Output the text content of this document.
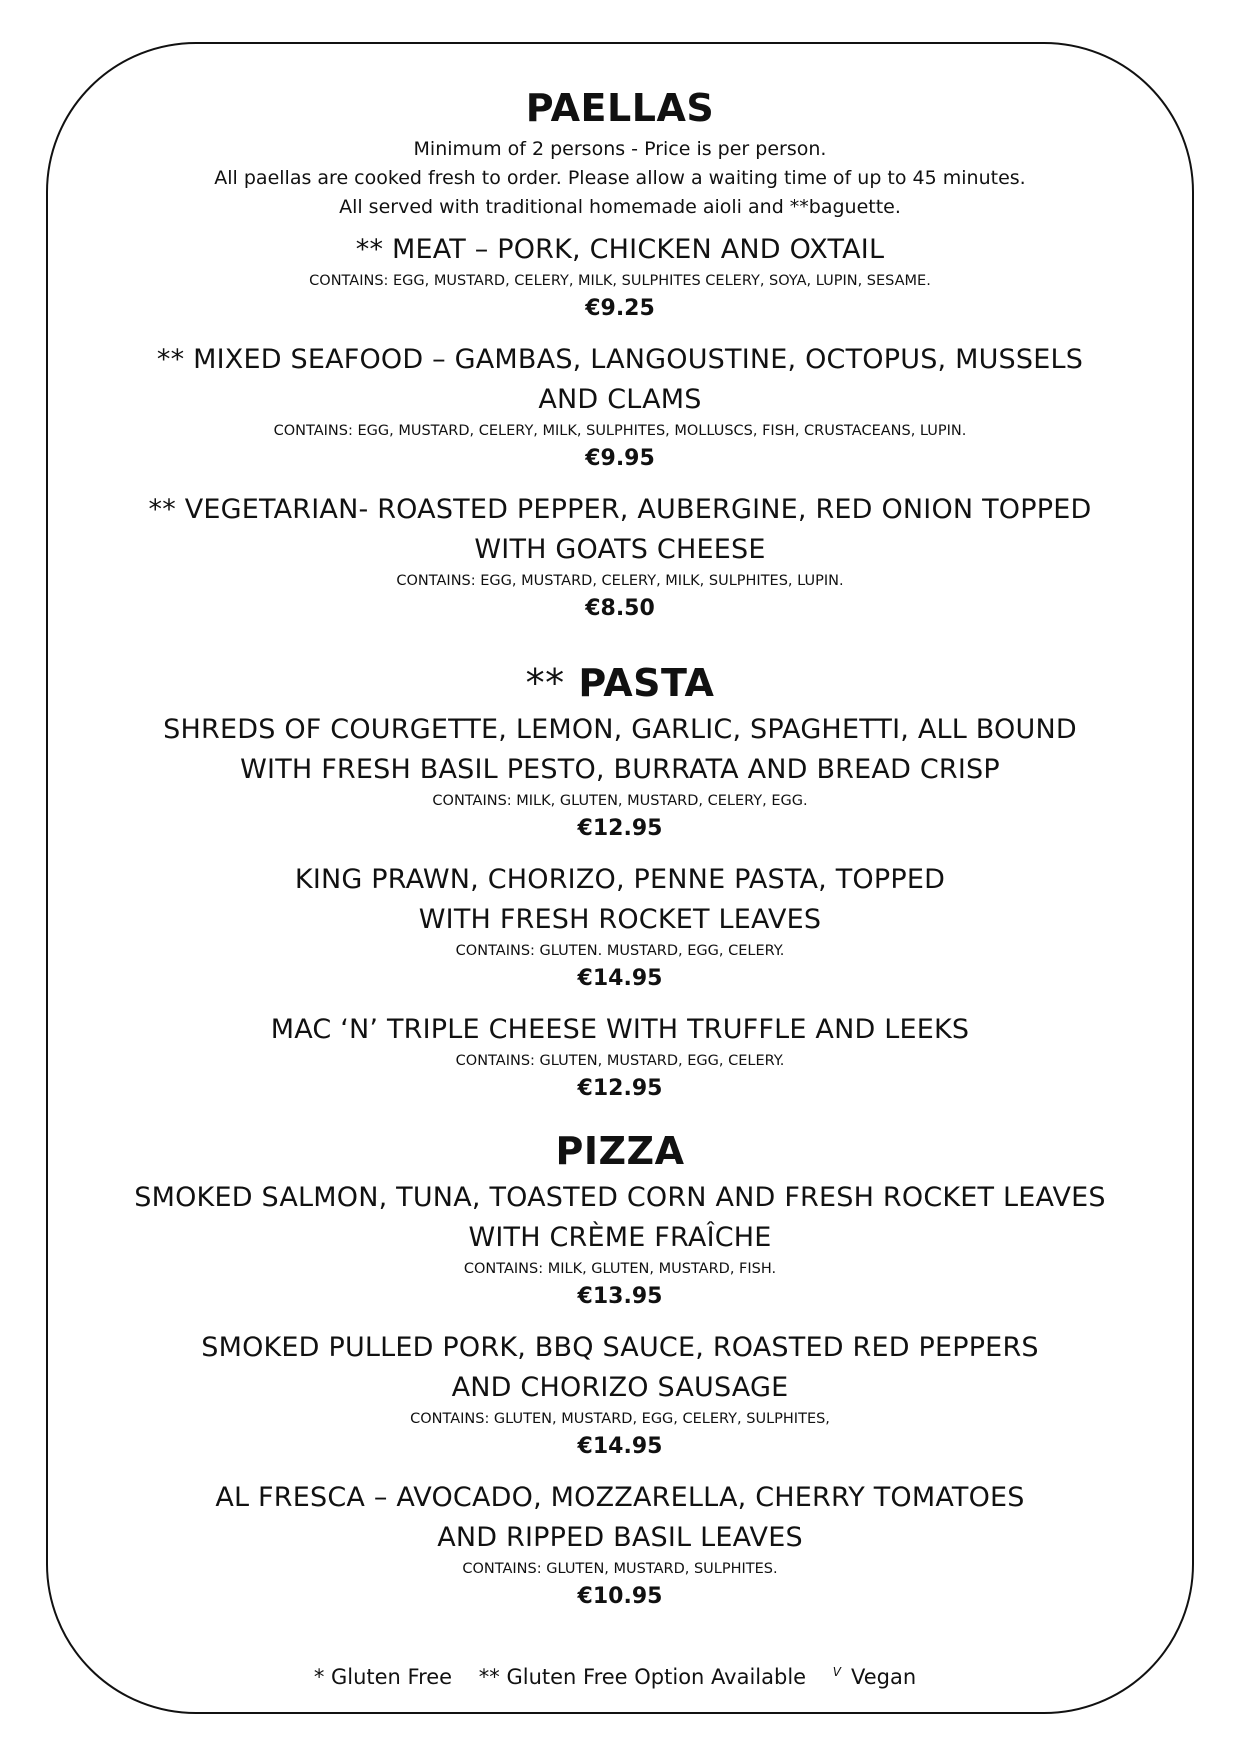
PAELLAS

Minimum of 2 persons - Price is per person.

All paellas are cooked fresh to order. Please allow a waiting time of up to 45 minutes.

All served with traditional homemade aioli and **baguette.

** MEAT – PORK, CHICKEN AND OXTAIL

CONTAINS: EGG, MUSTARD, CELERY, MILK, SULPHITES CELERY, SOYA, LUPIN, SESAME.

€9.25

** MIXED SEAFOOD – GAMBAS, LANGOUSTINE, OCTOPUS, MUSSELS

AND CLAMS

CONTAINS: EGG, MUSTARD, CELERY, MILK, SULPHITES, MOLLUSCS, FISH, CRUSTACEANS, LUPIN.

€9.95

** VEGETARIAN- ROASTED PEPPER, AUBERGINE, RED ONION TOPPED

WITH GOATS CHEESE

CONTAINS: EGG, MUSTARD, CELERY, MILK, SULPHITES, LUPIN.

€8.50

** PASTA

SHREDS OF COURGETTE, LEMON, GARLIC, SPAGHETTI, ALL BOUND

WITH FRESH BASIL PESTO, BURRATA AND BREAD CRISP

CONTAINS: MILK, GLUTEN, MUSTARD, CELERY, EGG.

€12.95

KING PRAWN, CHORIZO, PENNE PASTA, TOPPED

WITH FRESH ROCKET LEAVES

CONTAINS: GLUTEN. MUSTARD, EGG, CELERY.

€14.95

MAC ‘N’ TRIPLE CHEESE WITH TRUFFLE AND LEEKS

CONTAINS: GLUTEN, MUSTARD, EGG, CELERY.

€12.95

PIZZA

SMOKED SALMON, TUNA, TOASTED CORN AND FRESH ROCKET LEAVES

WITH CRÈME FRAÎCHE

CONTAINS: MILK, GLUTEN, MUSTARD, FISH.

€13.95

SMOKED PULLED PORK, BBQ SAUCE, ROASTED RED PEPPERS

AND CHORIZO SAUSAGE

CONTAINS: GLUTEN, MUSTARD, EGG, CELERY, SULPHITES,

€14.95

AL FRESCA – AVOCADO, MOZZARELLA, CHERRY TOMATOES

AND RIPPED BASIL LEAVES

CONTAINS: GLUTEN, MUSTARD, SULPHITES.

€10.95

* Gluten Free ** Gluten Free Option Available $^V$ Vegan
